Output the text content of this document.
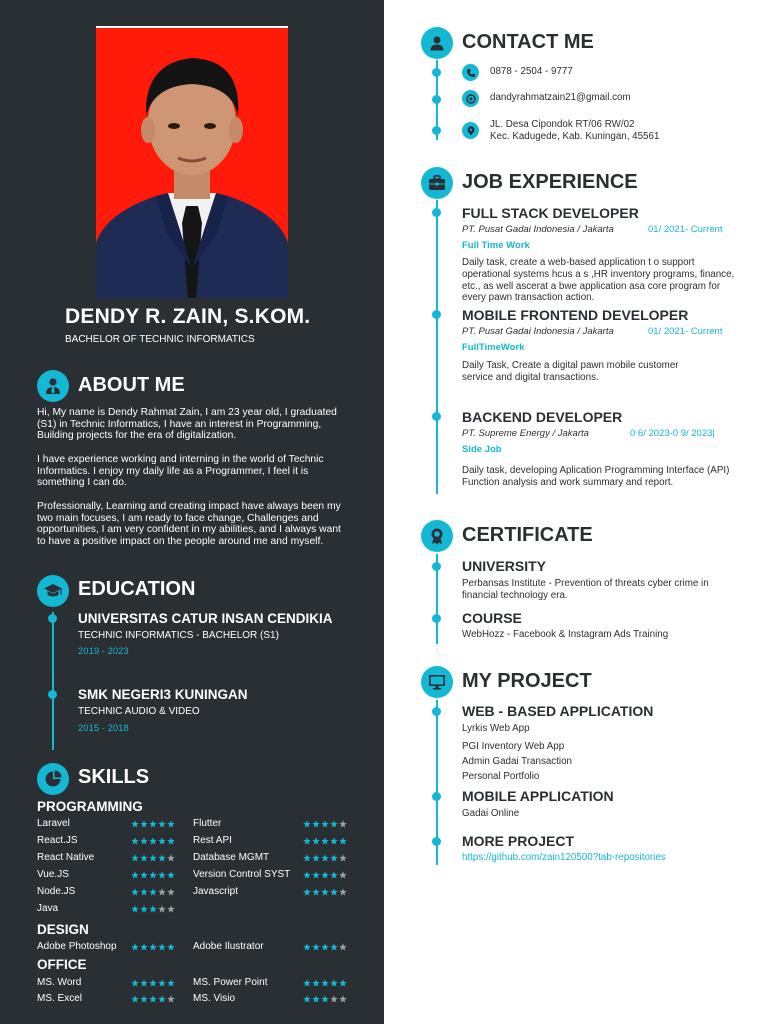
DENDY R. ZAIN, S.KOM.
BACHELOR OF TECHNIC INFORMATICS
ABOUT ME
Hi, My name is Dendy Rahmat Zain, I am 23 year old, I graduated (S1) in Technic Informatics, I have an interest in Programming, Building projects for the era of digitalization.
I have experience working and interning in the world of Technic Informatics. I enjoy my daily life as a Programmer, I feel it is something I can do.
Professionally, Learning and creating impact have always been my two main focuses, I am ready to face change, Challenges and opportunities, I am very confident in my abilities, and I always want to have a positive impact on the people around me and myself.
EDUCATION
UNIVERSITAS CATUR INSAN CENDIKIA
TECHNIC INFORMATICS - BACHELOR (S1)
2019 - 2023
SMK NEGERI3 KUNINGAN
TECHNIC AUDIO & VIDEO
2015 - 2018
SKILLS
PROGRAMMING
Laravel	Flutter
React.JS	Rest API
React Native	Database MGMT
Vue.JS	Version Control SYST
Node.JS	Javascript
Java
DESIGN
Adobe Photoshop	Adobe Ilustrator
OFFICE
MS. Word	MS. Power Point
MS. Excel	MS. Visio
CONTACT ME
0878 - 2504 - 9777
dandyrahmatzain21@gmail.com
JL. Desa Cipondok RT/06 RW/02
Kec. Kadugede, Kab. Kuningan, 45561
JOB EXPERIENCE
FULL STACK DEVELOPER
PT. Pusat Gadai Indonesia / Jakarta	01/ 2021- Current
Full Time Work
Daily task, create a web-based application t o support operational systems hcus a s ,HR inventory programs, finance, etc., as well ascerat a bwe application asa core program for every pawn transaction action.
MOBILE FRONTEND DEVELOPER
PT. Pusat Gadai Indonesia / Jakarta	01/ 2021- Current
FullTimeWork
Daily Task, Create a digital pawn mobile customer service and digital transactions.
BACKEND DEVELOPER
PT. Supreme Energy / Jakarta	0 6/ 2023-0 9/ 2023|
Side Job
Daily task, developing Aplication Programming Interface (API) Function analysis and work summary and report.
CERTIFICATE
UNIVERSITY
Perbansas Institute - Prevention of threats cyber crime in financial technology era.
COURSE
WebHozz - Facebook & Instagram Ads Training
MY PROJECT
WEB - BASED APPLICATION
Lyrkis Web App
PGI Inventory Web App
Admin Gadai Transaction
Personal Portfolio
MOBILE APPLICATION
Gadai Online
MORE PROJECT
https://github.com/zain120500?tab-repositories
